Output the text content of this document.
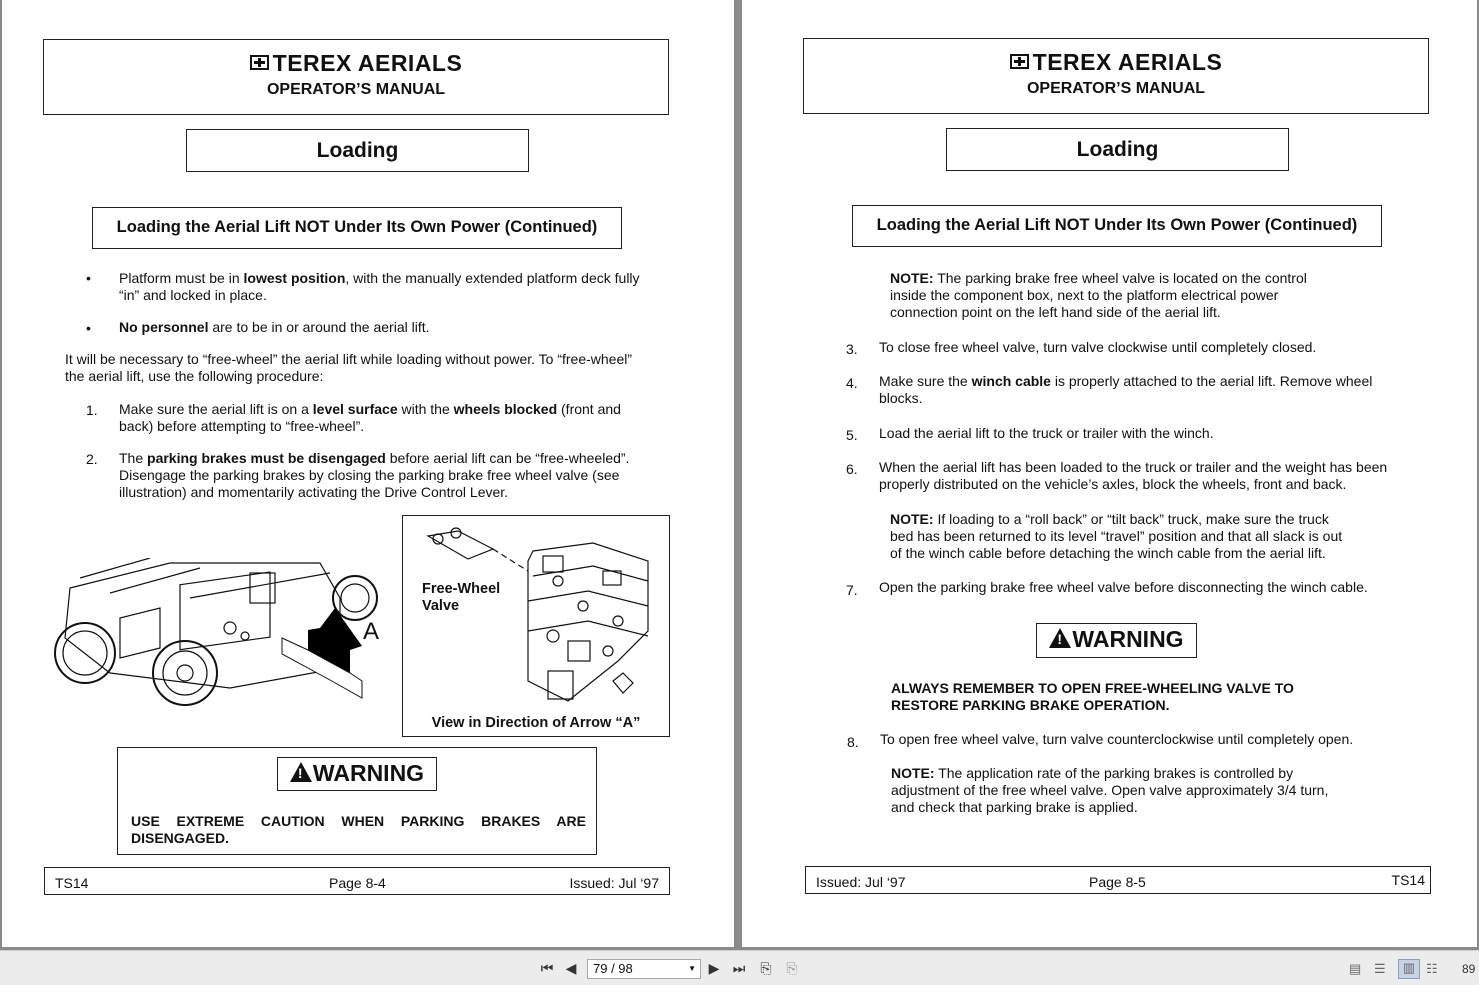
TEREX AERIALS
OPERATOR’S MANUAL
Loading
Loading the Aerial Lift NOT Under Its Own Power (Continued)
• Platform must be in lowest position, with the manually extended platform deck fully “in” and locked in place.
• No personnel are to be in or around the aerial lift.
It will be necessary to “free-wheel” the aerial lift while loading without power. To “free-wheel” the aerial lift, use the following procedure:
1. Make sure the aerial lift is on a level surface with the wheels blocked (front and back) before attempting to “free-wheel”.
2. The parking brakes must be disengaged before aerial lift can be “free-wheeled”. Disengage the parking brakes by closing the parking brake free wheel valve (see illustration) and momentarily activating the Drive Control Lever.
A
Free-Wheel Valve
View in Direction of Arrow “A”
!WARNING
USE EXTREME CAUTION WHEN PARKING BRAKES ARE DISENGAGED.
TS14	Page 8-4	Issued: Jul ‘97
TEREX AERIALS
OPERATOR’S MANUAL
Loading
Loading the Aerial Lift NOT Under Its Own Power (Continued)
NOTE: The parking brake free wheel valve is located on the control inside the component box, next to the platform electrical power connection point on the left hand side of the aerial lift.
3. To close free wheel valve, turn valve clockwise until completely closed.
4. Make sure the winch cable is properly attached to the aerial lift. Remove wheel blocks.
5. Load the aerial lift to the truck or trailer with the winch.
6. When the aerial lift has been loaded to the truck or trailer and the weight has been properly distributed on the vehicle’s axles, block the wheels, front and back.
NOTE: If loading to a “roll back” or “tilt back” truck, make sure the truck bed has been returned to its level “travel” position and that all slack is out of the winch cable before detaching the winch cable from the aerial lift.
7. Open the parking brake free wheel valve before disconnecting the winch cable.
!WARNING
ALWAYS REMEMBER TO OPEN FREE-WHEELING VALVE TO RESTORE PARKING BRAKE OPERATION.
8. To open free wheel valve, turn valve counterclockwise until completely open.
NOTE: The application rate of the parking brakes is controlled by adjustment of the free wheel valve. Open valve approximately 3/4 turn, and check that parking brake is applied.
Issued: Jul ‘97	Page 8-5	TS14
⏮ ◀	79 / 98	▼ ▶ ⏭ ⎘ ⎘	▤ ☰	▥ ☷ 89
